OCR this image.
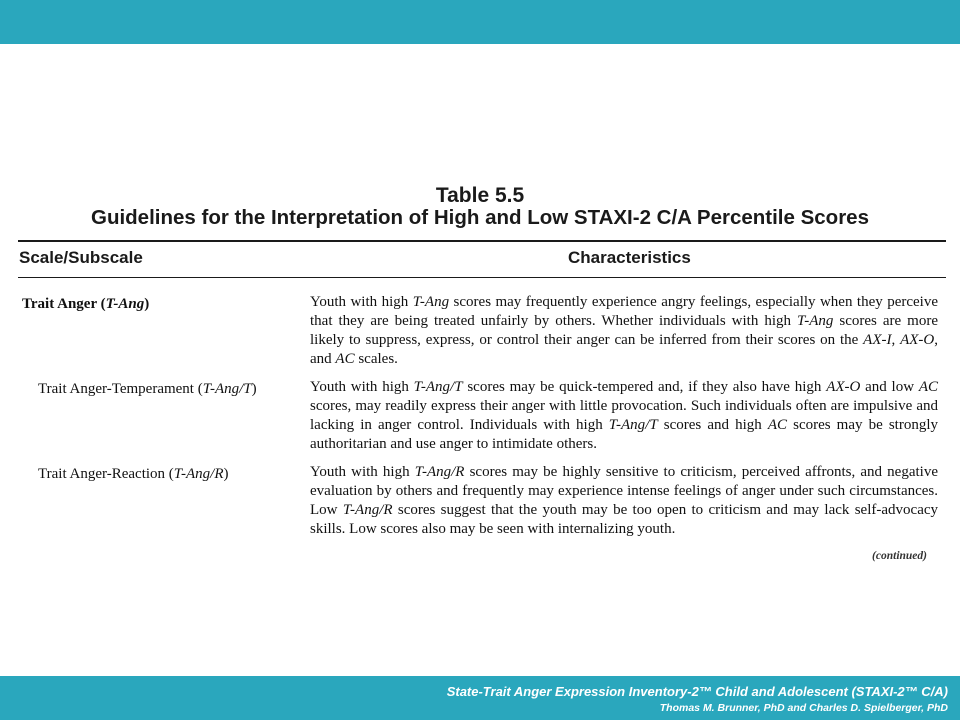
Table 5.5
Guidelines for the Interpretation of High and Low STAXI-2 C/A Percentile Scores
Scale/Subscale	Characteristics
Trait Anger (T-Ang)	Youth with high T-Ang scores may frequently experience angry feelings, especially when they perceive that they are being treated unfairly by others. Whether individuals with high T-Ang scores are more likely to suppress, express, or control their anger can be inferred from their scores on the AX-I, AX-O, and AC scales.
Trait Anger-Temperament (T-Ang/T)	Youth with high T-Ang/T scores may be quick-tempered and, if they also have high AX-O and low AC scores, may readily express their anger with little provocation. Such individuals often are impulsive and lacking in anger control. Individuals with high T-Ang/T scores and high AC scores may be strongly authoritarian and use anger to intimidate others.
Trait Anger-Reaction (T-Ang/R)	Youth with high T-Ang/R scores may be highly sensitive to criticism, perceived affronts, and negative evaluation by others and frequently may experience intense feelings of anger under such circumstances. Low T-Ang/R scores suggest that the youth may be too open to criticism and may lack self-advocacy skills. Low scores also may be seen with internalizing youth.
(continued)
State-Trait Anger Expression Inventory-2™ Child and Adolescent (STAXI-2™ C/A)
Thomas M. Brunner, PhD and Charles D. Spielberger, PhD
